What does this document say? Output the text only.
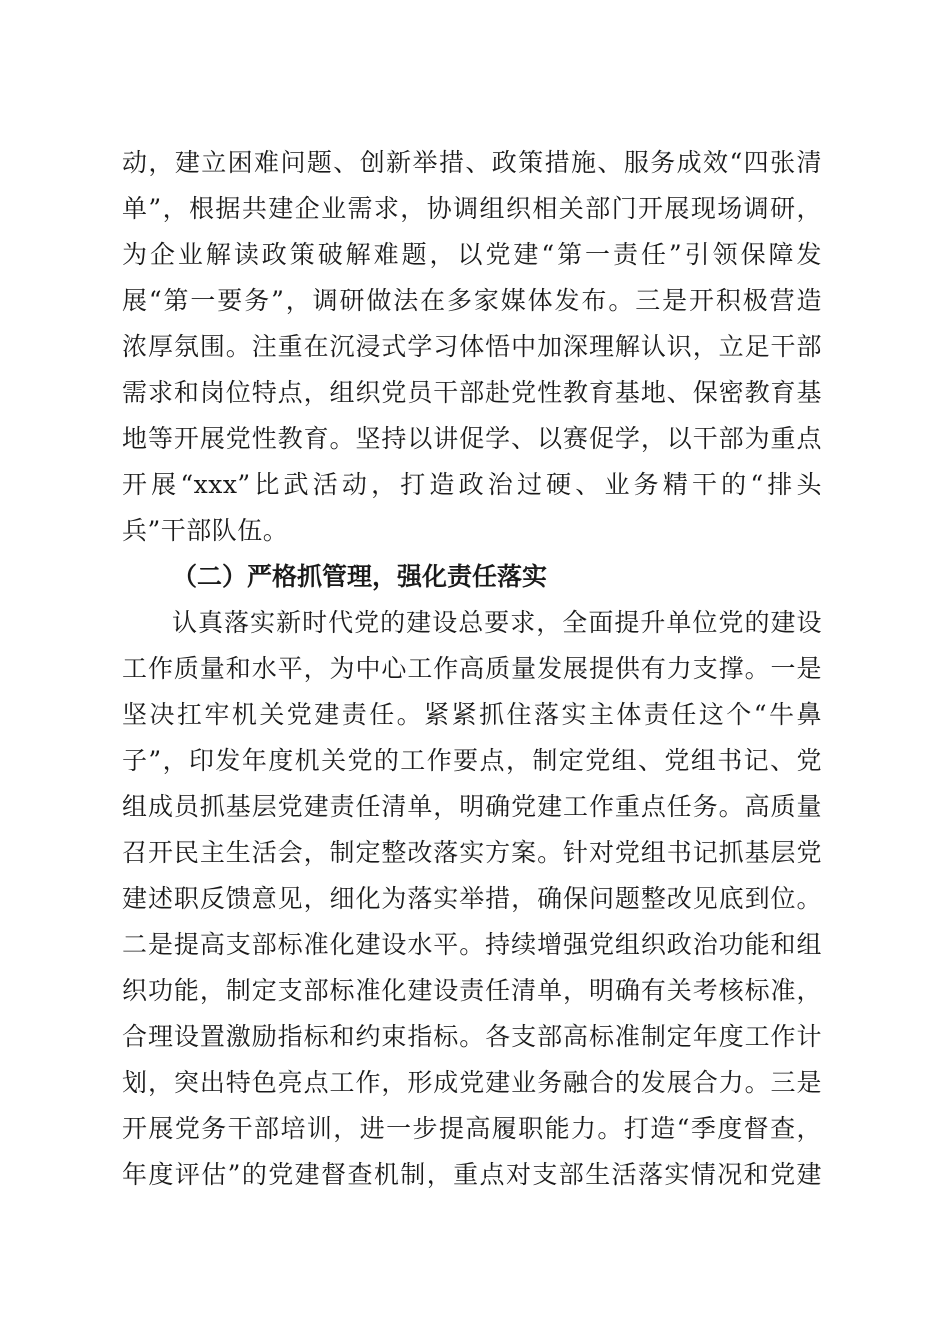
动，建立困难问题、创新举措、政策措施、服务成效“四张清

单”，根据共建企业需求，协调组织相关部门开展现场调研，

为企业解读政策破解难题，以党建“第一责任”引领保障发

展“第一要务”，调研做法在多家媒体发布。三是开积极营造

浓厚氛围。注重在沉浸式学习体悟中加深理解认识，立足干部

需求和岗位特点，组织党员干部赴党性教育基地、保密教育基

地等开展党性教育。坚持以讲促学、以赛促学，以干部为重点

开展“xxx”比武活动，打造政治过硬、业务精干的“排头

兵”干部队伍。

（二）严格抓管理，强化责任落实

认真落实新时代党的建设总要求，全面提升单位党的建设

工作质量和水平，为中心工作高质量发展提供有力支撑。一是

坚决扛牢机关党建责任。紧紧抓住落实主体责任这个“牛鼻

子”，印发年度机关党的工作要点，制定党组、党组书记、党

组成员抓基层党建责任清单，明确党建工作重点任务。高质量

召开民主生活会，制定整改落实方案。针对党组书记抓基层党

建述职反馈意见，细化为落实举措，确保问题整改见底到位。

二是提高支部标准化建设水平。持续增强党组织政治功能和组

织功能，制定支部标准化建设责任清单，明确有关考核标准，

合理设置激励指标和约束指标。各支部高标准制定年度工作计

划，突出特色亮点工作，形成党建业务融合的发展合力。三是

开展党务干部培训，进一步提高履职能力。打造“季度督查，

年度评估”的党建督查机制，重点对支部生活落实情况和党建
